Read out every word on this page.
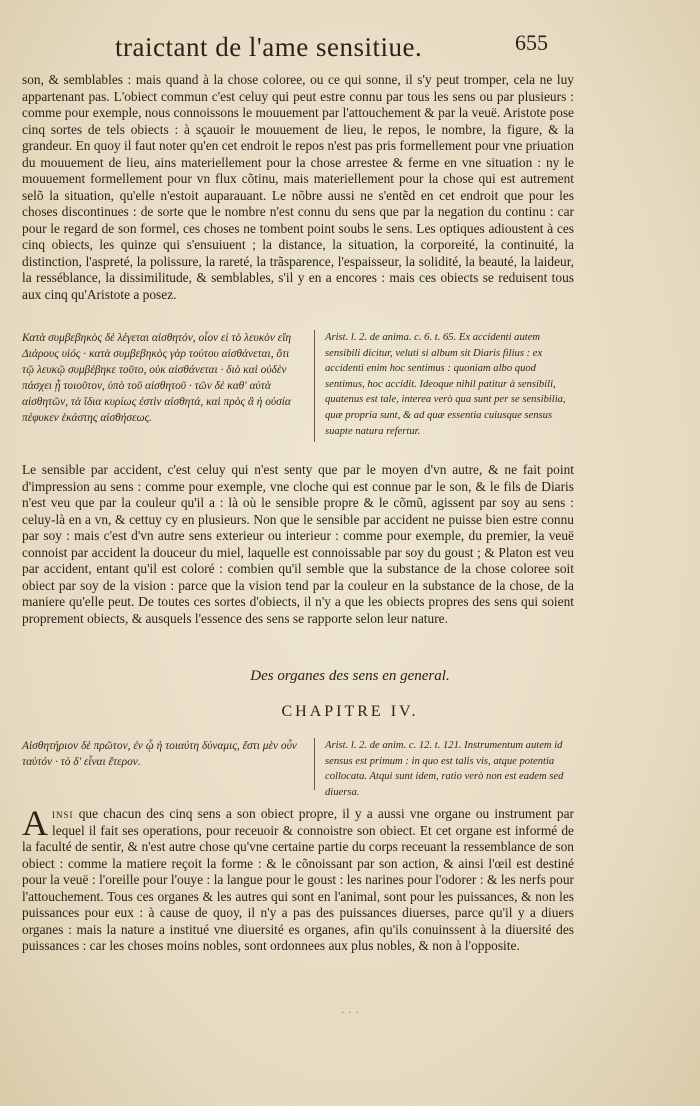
traictant de l'ame sensitiue.	655

son, & semblables : mais quand à la chose coloree, ou ce qui sonne, il s'y peut tromper, cela ne luy appartenant pas. L'obiect commun c'est celuy qui peut estre connu par tous les sens ou par plusieurs : comme pour exemple, nous connoissons le mouuement par l'attouchement & par la veuë. Aristote pose cinq sortes de tels obiects : à sçauoir le mouuement de lieu, le repos, le nombre, la figure, & la grandeur. En quoy il faut noter qu'en cet endroit le repos n'est pas pris formellement pour vne priuation du mouuement de lieu, ains materiellement pour la chose arrestee & ferme en vne situation : ny le mouuement formellement pour vn flux cõtinu, mais materiellement pour la chose qui est autrement selõ la situation, qu'elle n'estoit auparauant. Le nõbre aussi ne s'entẽd en cet endroit que pour les choses discontinues : de sorte que le nombre n'est connu du sens que par la negation du continu : car pour le regard de son formel, ces choses ne tombent point soubs le sens. Les optiques adioustent à ces cinq obiects, les quinze qui s'ensuiuent ; la distance, la situation, la corporeité, la continuité, la distinction, l'aspreté, la polissure, la rareté, la trãsparence, l'espaisseur, la solidité, la beauté, la laideur, la resséblance, la dissimilitude, & semblables, s'il y en a encores : mais ces obiects se reduisent tous aux cinq qu'Aristote a posez.

Κατὰ συμβεβηκὸς δὲ λέγεται αἰσθητόν, οἷον εἰ τὸ λευκὸν εἴη Διάρους υἱός · κατὰ συμβεβηκὸς γὰρ τούτου αἰσθάνεται, ὅτι τῷ λευκῷ συμβέβηκε τοῦτο, οὐκ αἰσθάνεται · διὸ καὶ οὐδὲν πάσχει ᾗ τοιοῦτον, ὑπὸ τοῦ αἰσθητοῦ · τῶν δὲ καθ' αὑτὰ αἰσθητῶν, τὰ ἴδια κυρίως ἐστὶν αἰσθητά, καὶ πρὸς ἃ ἡ οὐσία πέφυκεν ἑκάστης αἰσθήσεως.
Arist. l. 2. de anima. c. 6. t. 65. Ex accidenti autem sensibili dicitur, veluti si album sit Diaris filius : ex accidenti enim hoc sentimus : quoniam albo quod sentimus, hoc accidit. Ideoque nihil patitur à sensibili, quatenus est tale, interea verò qua sunt per se sensibilia, quæ propria sunt, & ad quæ essentia cuiusque sensus suapte natura refertur.

Le sensible par accident, c'est celuy qui n'est senty que par le moyen d'vn autre, & ne fait point d'impression au sens : comme pour exemple, vne cloche qui est connue par le son, & le fils de Diaris n'est veu que par la couleur qu'il a : là où le sensible propre & le cõmũ, agissent par soy au sens : celuy-là en a vn, & cettuy cy en plusieurs. Non que le sensible par accident ne puisse bien estre connu par soy : mais c'est d'vn autre sens exterieur ou interieur : comme pour exemple, du premier, la veuë connoist par accident la douceur du miel, laquelle est connoissable par soy du goust ; & Platon est veu par accident, entant qu'il est coloré : combien qu'il semble que la substance de la chose coloree soit obiect par soy de la vision : parce que la vision tend par la couleur en la substance de la chose, de la maniere qu'elle peut. De toutes ces sortes d'obiects, il n'y a que les obiects propres des sens qui soient proprement obiects, & ausquels l'essence des sens se rapporte selon leur nature.

Des organes des sens en general.
CHAPITRE IV.
Αἰσθητήριον δὲ πρῶτον, ἐν ᾧ ἡ τοιαύτη δύναμις, ἔστι μὲν οὖν ταὐτόν · τὸ δ' εἶναι ἕτερον.
Arist. l. 2. de anim. c. 12. t. 121. Instrumentum autem id sensus est primum : in quo est talis vis, atque potentia collocata. Atqui sunt idem, ratio verò non est eadem sed diuersa.

Ainsi que chacun des cinq sens a son obiect propre, il y a aussi vne organe ou instrument par lequel il fait ses operations, pour receuoir & connoistre son obiect. Et cet organe est informé de la faculté de sentir, & n'est autre chose qu'vne certaine partie du corps receuant la ressemblance de son obiect : comme la matiere reçoit la forme : & le cõnoissant par son action, & ainsi l'œil est destiné pour la veuë : l'oreille pour l'ouye : la langue pour le goust : les narines pour l'odorer : & les nerfs pour l'attouchement. Tous ces organes & les autres qui sont en l'animal, sont pour les puissances, & non les puissances pour eux : à cause de quoy, il n'y a pas des puissances diuerses, parce qu'il y a diuers organes : mais la nature a institué vne diuersité es organes, afin qu'ils conuinssent à la diuersité des puissances : car les choses moins nobles, sont ordonnees aux plus nobles, & non à l'opposite.

· · ·
